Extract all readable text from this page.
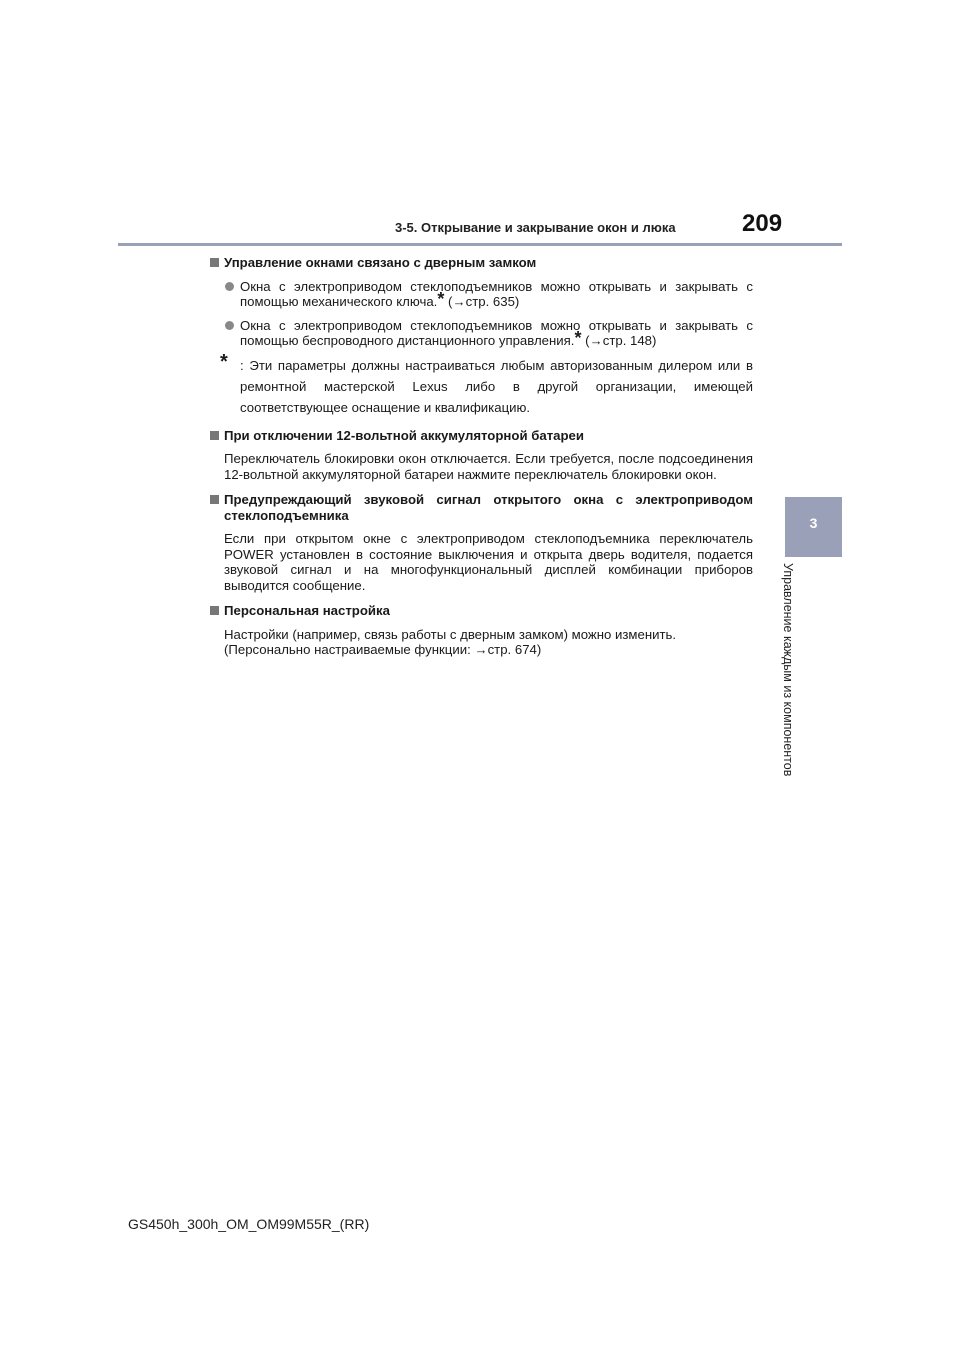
3-5. Открывание и закрывание окон и люка	209
3
Управление каждым из компонентов
Управление окнами связано с дверным замком
Окна с электроприводом стеклоподъемников можно открывать и закрывать с помощью механического ключа.* (→стр. 635)
Окна с электроприводом стеклоподъемников можно открывать и закрывать с помощью беспроводного дистанционного управления.* (→стр. 148)
* : Эти параметры должны настраиваться любым авторизованным дилером или в ремонтной мастерской Lexus либо в другой организации, имеющей соответствующее оснащение и квалификацию.
При отключении 12-вольтной аккумуляторной батареи
Переключатель блокировки окон отключается. Если требуется, после подсоединения 12-вольтной аккумуляторной батареи нажмите переключатель блокировки окон.
Предупреждающий звуковой сигнал открытого окна с электроприводом стеклоподъемника
Если при открытом окне с электроприводом стеклоподъемника переключатель POWER установлен в состояние выключения и открыта дверь водителя, подается звуковой сигнал и на многофункциональный дисплей комбинации приборов выводится сообщение.
Персональная настройка
Настройки (например, связь работы с дверным замком) можно изменить.
(Персонально настраиваемые функции: →стр. 674)
GS450h_300h_OM_OM99M55R_(RR)
